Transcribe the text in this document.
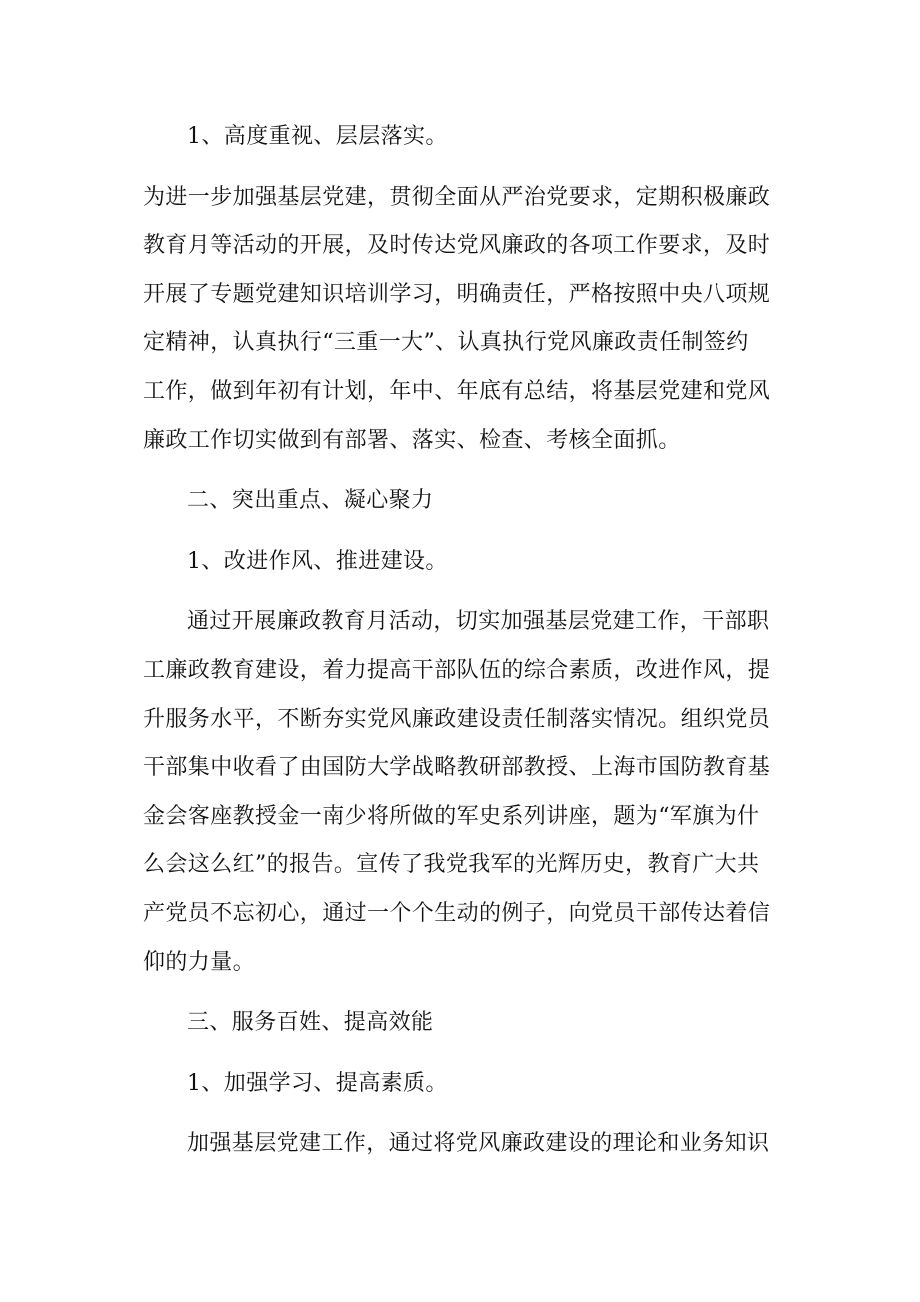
1、高度重视、层层落实。
为进一步加强基层党建，贯彻全面从严治党要求，定期积极廉政
教育月等活动的开展，及时传达党风廉政的各项工作要求，及时
开展了专题党建知识培训学习，明确责任，严格按照中央八项规
定精神，认真执行“三重一大”、认真执行党风廉政责任制签约
工作，做到年初有计划，年中、年底有总结，将基层党建和党风
廉政工作切实做到有部署、落实、检查、考核全面抓。
二、突出重点、凝心聚力
1、改进作风、推进建设。
通过开展廉政教育月活动，切实加强基层党建工作，干部职
工廉政教育建设，着力提高干部队伍的综合素质，改进作风，提
升服务水平，不断夯实党风廉政建设责任制落实情况。组织党员
干部集中收看了由国防大学战略教研部教授、上海市国防教育基
金会客座教授金一南少将所做的军史系列讲座，题为“军旗为什
么会这么红”的报告。宣传了我党我军的光辉历史，教育广大共
产党员不忘初心，通过一个个生动的例子，向党员干部传达着信
仰的力量。
三、服务百姓、提高效能
1、加强学习、提高素质。
加强基层党建工作，通过将党风廉政建设的理论和业务知识
